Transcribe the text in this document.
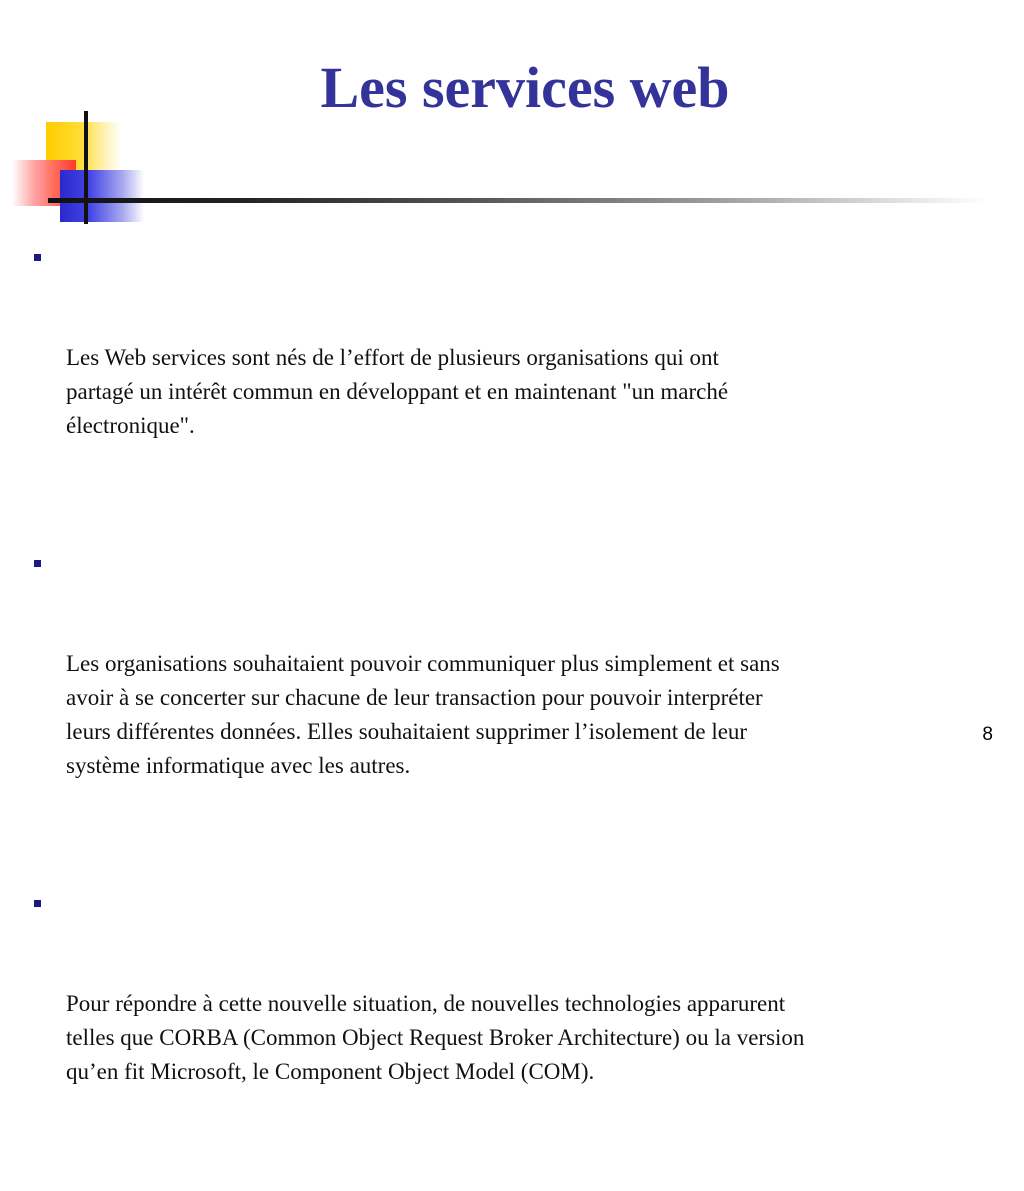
Les services web

Les Web services sont nés de l’effort de plusieurs organisations qui ont
partagé un intérêt commun en développant et en maintenant "un marché
électronique".

Les organisations souhaitaient pouvoir communiquer plus simplement et sans
avoir à se concerter sur chacune de leur transaction pour pouvoir interpréter
leurs différentes données. Elles souhaitaient supprimer l’isolement de leur
système informatique avec les autres.

Pour répondre à cette nouvelle situation, de nouvelles technologies apparurent
telles que CORBA (Common Object Request Broker Architecture) ou la version
qu’en fit Microsoft, le Component Object Model (COM).

8
